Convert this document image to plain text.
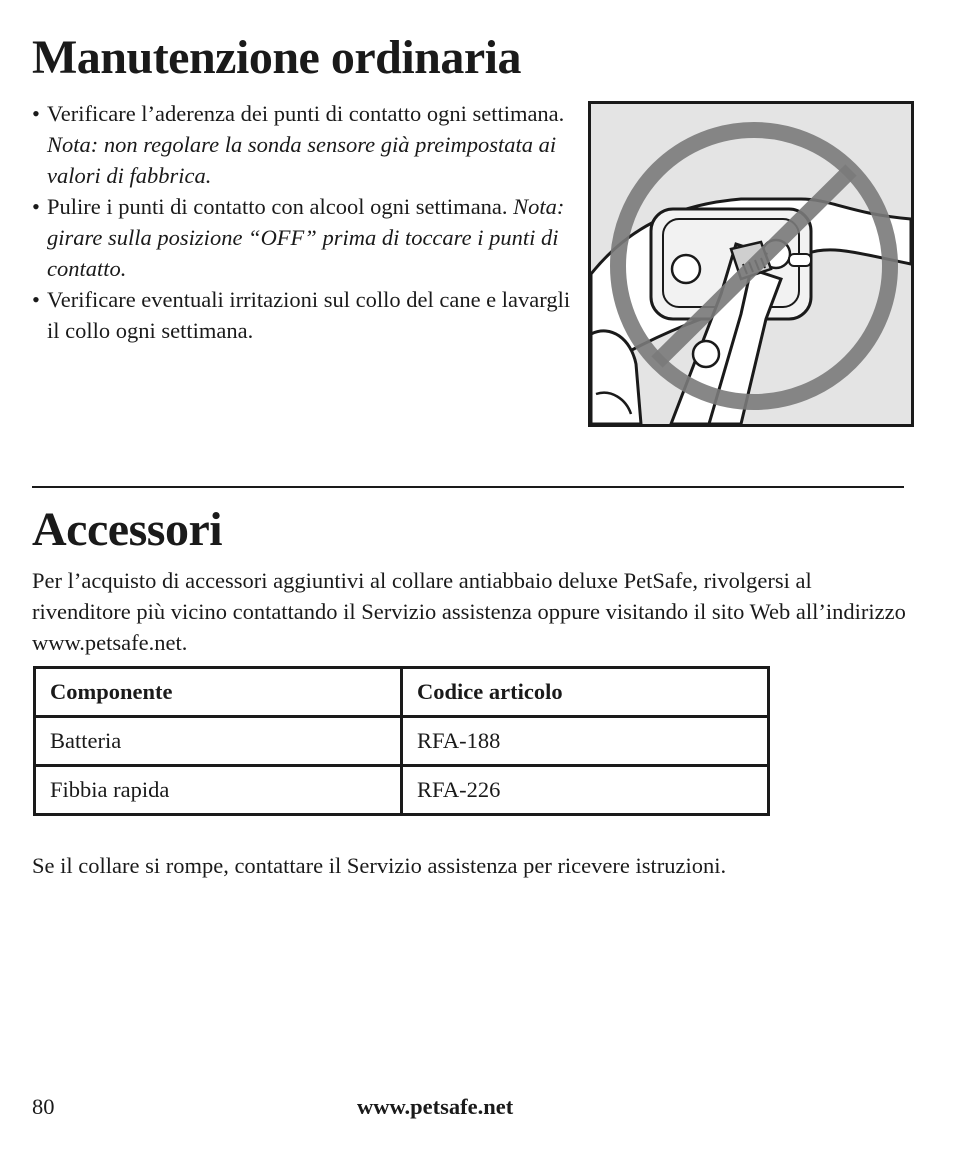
Manutenzione ordinaria
• Verificare l’aderenza dei punti di contatto ogni settimana. Nota: non regolare la sonda sensore già preimpostata ai valori di fabbrica.
• Pulire i punti di contatto con alcool ogni settimana. Nota: girare sulla posizione “OFF” prima di toccare i punti di contatto.
• Verificare eventuali irritazioni sul collo del cane e lavargli il collo ogni settimana.
Accessori

Per l’acquisto di accessori aggiuntivi al collare antiabbaio deluxe PetSafe, rivolgersi al rivenditore più vicino contattando il Servizio assistenza oppure visitando il sito Web all’indirizzo www.petsafe.net.

Componente	Codice articolo
Batteria	RFA-188
Fibbia rapida	RFA-226

Se il collare si rompe, contattare il Servizio assistenza per ricevere istruzioni.

80	www.petsafe.net
